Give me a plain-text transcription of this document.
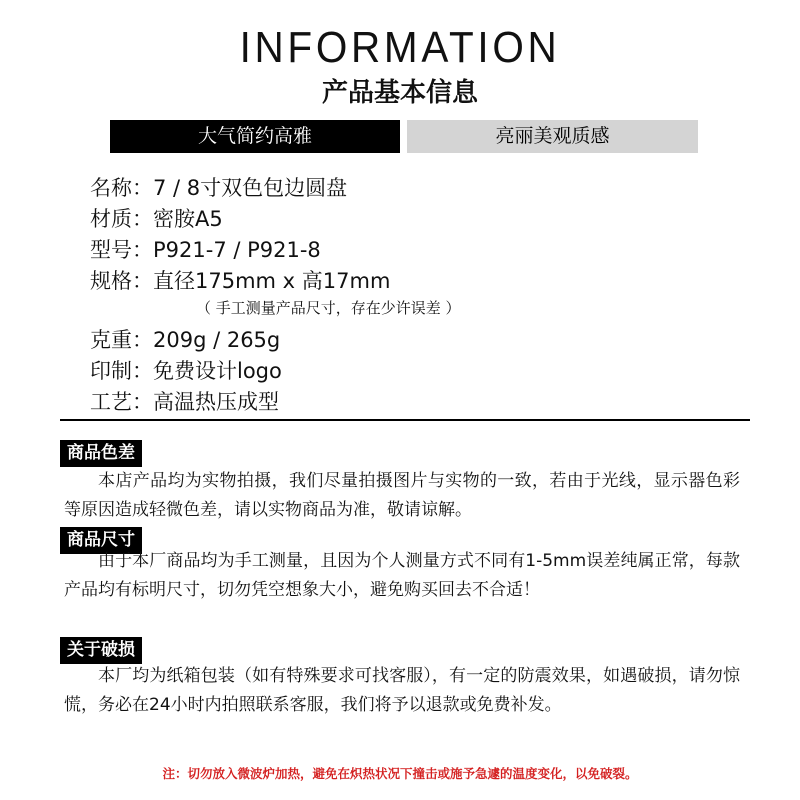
INFORMATION
产品基本信息
大气简约高雅	亮丽美观质感
名称：7 / 8寸双色包边圆盘
材质：密胺A5
型号：P921-7 / P921-8
规格：直径175mm x 高17mm
（ 手工测量产品尺寸，存在少许误差 ）
克重：209g / 265g
印制：免费设计logo
工艺：高温热压成型
商品色差
本店产品均为实物拍摄，我们尽量拍摄图片与实物的一致，若由于光线，显示器色彩等原因造成轻微色差，请以实物商品为准，敬请谅解。
商品尺寸
由于本厂商品均为手工测量，且因为个人测量方式不同有1-5mm误差纯属正常，每款产品均有标明尺寸，切勿凭空想象大小，避免购买回去不合适！
关于破损
本厂均为纸箱包装（如有特殊要求可找客服），有一定的防震效果，如遇破损，请勿惊慌，务必在24小时内拍照联系客服，我们将予以退款或免费补发。
注：切勿放入微波炉加热，避免在炽热状况下撞击或施予急遽的温度变化，以免破裂。
